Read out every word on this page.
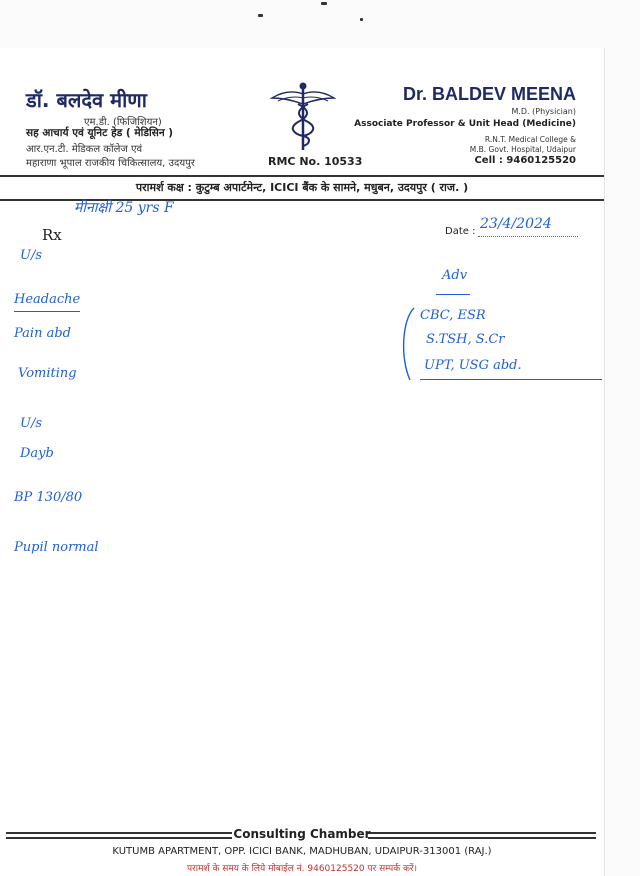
डॉ. बलदेव मीणा
एम.डी. (फिजिशियन)
सह आचार्य एवं यूनिट हेड ( मेडिसिन )
आर.एन.टी. मेडिकल कॉलेज एवं
महाराणा भूपाल राजकीय चिकित्सालय, उदयपुर	RMC No. 10533
Dr. BALDEV MEENA
M.D. (Physician)
Associate Professor & Unit Head (Medicine)
R.N.T. Medical College &
M.B. Govt. Hospital, Udaipur
Cell : 9460125520
परामर्श कक्ष : कुटुम्ब अपार्टमेन्ट, ICICI बैंक के सामने, मधुबन, उदयपुर ( राज. )
Rx	Date : 23/4/2024
मीनाक्षी 25 yrs F
U/s
Headache
Pain abd
Vomiting
U/s
Dayb
BP 130/80
Pupil normal
Adv
CBC, ESR
S.TSH, S.Cr
UPT, USG abd.
Consulting Chamber
KUTUMB APARTMENT, OPP. ICICI BANK, MADHUBAN, UDAIPUR-313001 (RAJ.)
परामर्श के समय के लिये मोबाईल नं. 9460125520 पर सम्पर्क करें।
